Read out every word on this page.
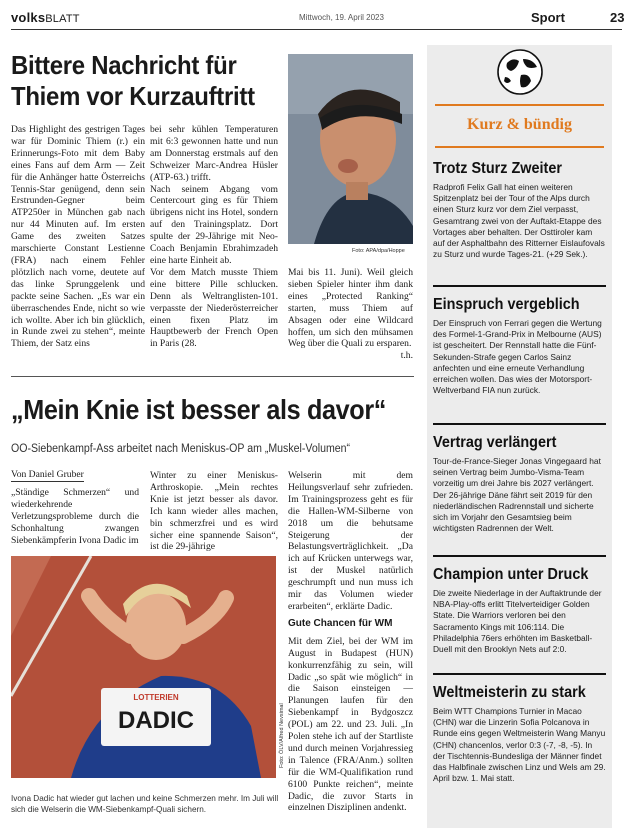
volksBLATT	Mittwoch, 19. April 2023	Sport	23
Bittere Nachricht für Thiem vor Kurzauftritt

Das Highlight des gestrigen Tages war für Dominic Thiem (r.) ein Erinnerungs-Foto mit dem Baby eines Fans auf dem Arm — Zeit für die Anhänger hatte Österreichs Tennis-Star genügend, denn sein Erstrunden-Gegner beim ATP250er in München gab nach nur 44 Minuten auf. Im ersten Game des zweiten Satzes marschierte Constant Lestienne (FRA) nach einem Fehler plötzlich nach vorne, deutete auf das linke Sprunggelenk und packte seine Sachen. „Es war ein überraschendes Ende, nicht so wie ich wollte. Aber ich bin glücklich, in Runde zwei zu stehen“, meinte Thiem, der Satz eins

bei sehr kühlen Temperaturen mit 6:3 gewonnen hatte und nun am Donnerstag erstmals auf den Schweizer Marc-Andrea Hüsler (ATP-63.) trifft.

Nach seinem Abgang vom Centercourt ging es für Thiem übrigens nicht ins Hotel, sondern auf den Trainingsplatz. Dort spulte der 29-Jährige mit Neo-Coach Benjamin Ebrahimzadeh eine harte Einheit ab.

Vor dem Match musste Thiem eine bittere Pille schlucken. Denn als Weltranglisten-101. verpasste der Niederösterreicher einen fixen Platz im Hauptbewerb der French Open in Paris (28.

Foto: APA/dpa/Hoppe

Mai bis 11. Juni). Weil gleich sieben Spieler hinter ihm dank eines „Protected Ranking“ starten, muss Thiem auf Absagen oder eine Wildcard hoffen, um sich den mühsamen Weg über die Quali zu ersparen.

t.h.

„Mein Knie ist besser als davor“
OÖ-Siebenkampf-Ass arbeitet nach Meniskus-OP am „Muskel-Volumen“
Von Daniel Gruber

„Ständige Schmerzen“ und wiederkehrende Verletzungsprobleme durch die Schonhaltung zwangen Siebenkämpferin Ivona Dadic im

Winter zu einer Meniskus-Arthroskopie. „Mein rechtes Knie ist jetzt besser als davor. Ich kann wieder alles machen, bin schmerzfrei und es wird sicher eine spannende Saison“, ist die 29-jährige

Welserin mit dem Heilungsverlauf sehr zufrieden. Im Trainingsprozess geht es für die Hallen-WM-Silberne von 2018 um die behutsame Steigerung der Belastungsverträglichkeit. „Da ich auf Krücken unterwegs war, ist der Muskel natürlich geschrumpft und nun muss ich mir das Volumen wieder erarbeiten“, erklärte Dadic.

Gute Chancen für WM

Mit dem Ziel, bei der WM im August in Budapest (HUN) konkurrenzfähig zu sein, will Dadic „so spät wie möglich“ in die Saison einsteigen — Planungen laufen für den Siebenkampf in Bydgoszcz (POL) am 22. und 23. Juli. „In Polen stehe ich auf der Startliste und durch meinen Vorjahressieg in Talence (FRA/Anm.) sollten für die WM-Qualifikation rund 6100 Punkte reichen“, meinte Dadic, die zuvor Starts in einzelnen Disziplinen andenkt.

LOTTERIEN
DADIC	Foto: ÖLV/Alfred Nevsimal
Ivona Dadic hat wieder gut lachen und keine Schmerzen mehr. Im Juli will sich die Welserin die WM-Siebenkampf-Quali sichern.
Kurz & bündig
Trotz Sturz Zweiter

Radprofi Felix Gall hat einen weiteren Spitzenplatz bei der Tour of the Alps durch einen Sturz kurz vor dem Ziel verpasst, Gesamtrang zwei von der Auftakt-Etappe des Vortages aber behalten. Der Osttiroler kam auf der Asphaltbahn des Ritterner Eislaufovals zu Sturz und wurde Tages-21. (+29 Sek.).

Einspruch vergeblich

Der Einspruch von Ferrari gegen die Wertung des Formel-1-Grand-Prix in Melbourne (AUS) ist gescheitert. Der Rennstall hatte die Fünf-Sekunden-Strafe gegen Carlos Sainz anfechten und eine erneute Verhandlung erreichen wollen. Das wies der Motorsport-Weltverband FIA nun zurück.

Vertrag verlängert

Tour-de-France-Sieger Jonas Vingegaard hat seinen Vertrag beim Jumbo-Visma-Team vorzeitig um drei Jahre bis 2027 verlängert. Der 26-jährige Däne fährt seit 2019 für den niederländischen Radrennstall und sicherte sich im Vorjahr den Gesamtsieg beim wichtigsten Radrennen der Welt.

Champion unter Druck

Die zweite Niederlage in der Auftaktrunde der NBA-Play-offs erlitt Titelverteidiger Golden State. Die Warriors verloren bei den Sacramento Kings mit 106:114. Die Philadelphia 76ers erhöhten im Basketball-Duell mit den Brooklyn Nets auf 2:0.

Weltmeisterin zu stark

Beim WTT Champions Turnier in Macao (CHN) war die Linzerin Sofia Polcanova in Runde eins gegen Weltmeisterin Wang Manyu (CHN) chancenlos, verlor 0:3 (-7, -8, -5). In der Tischtennis-Bundesliga der Männer findet das Halbfinale zwischen Linz und Wels am 29. April bzw. 1. Mai statt.
